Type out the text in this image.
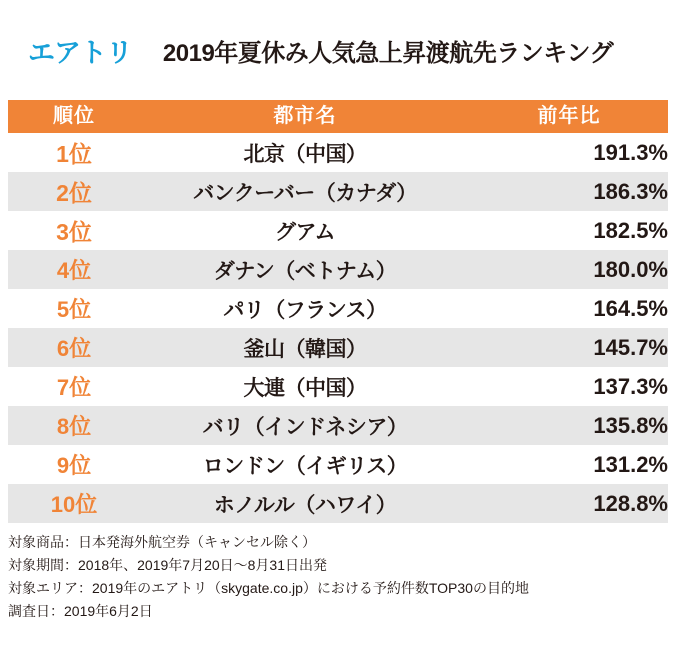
エアトリ	2019年夏休み人気急上昇渡航先ランキング
順位	都市名	前年比
1位	北京（中国）	191.3%
2位	バンクーバー（カナダ）	186.3%
3位	グアム	182.5%
4位	ダナン（ベトナム）	180.0%
5位	パリ（フランス）	164.5%
6位	釜山（韓国）	145.7%
7位	大連（中国）	137.3%
8位	バリ（インドネシア）	135.8%
9位	ロンドン（イギリス）	131.2%
10位	ホノルル（ハワイ）	128.8%
対象商品：日本発海外航空券（キャンセル除く）
対象期間：2018年、2019年7月20日〜8月31日出発
対象エリア：2019年のエアトリ（skygate.co.jp）における予約件数TOP30の目的地
調査日：2019年6月2日
